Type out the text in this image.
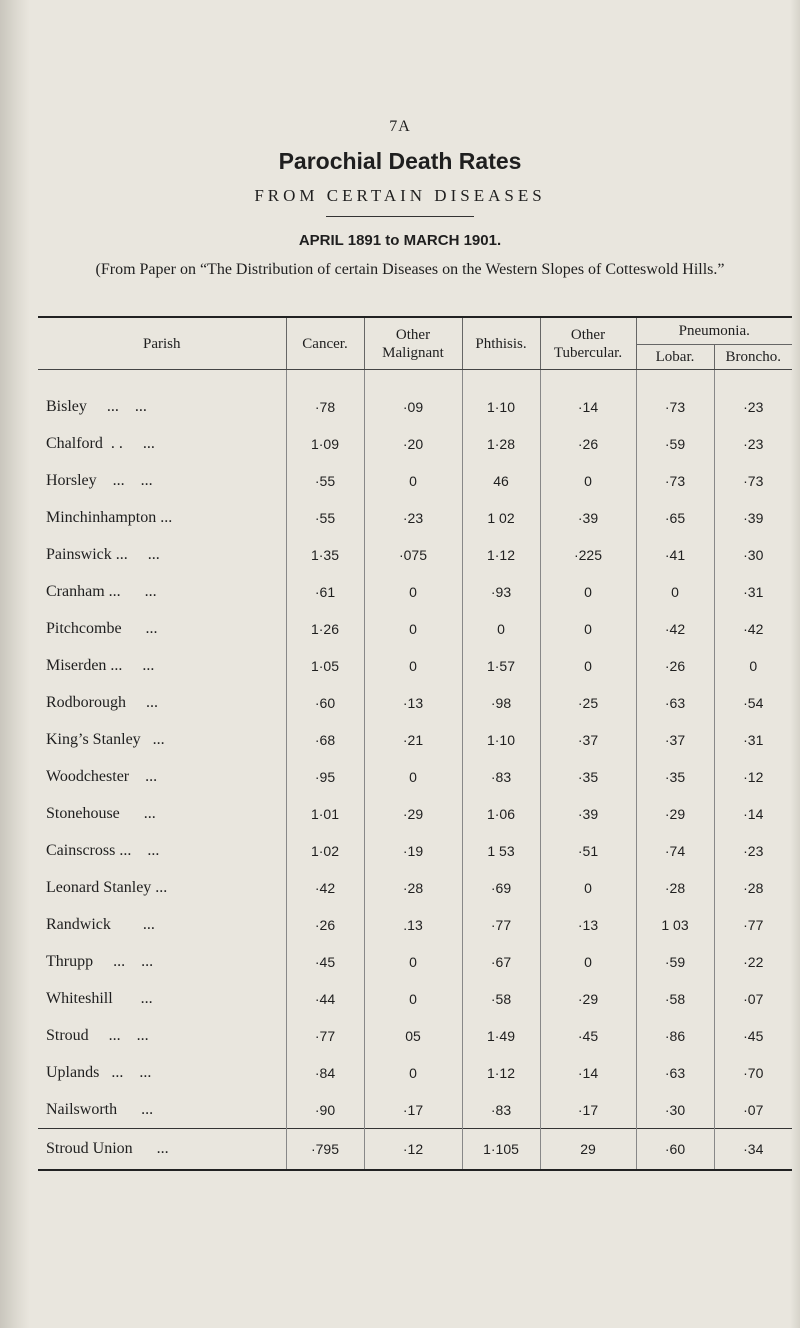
7A
Parochial Death Rates
FROM CERTAIN DISEASES
APRIL 1891 to MARCH 1901.
(From Paper on “The Distribution of certain Diseases on the Western Slopes of Cotteswold Hills.”
Parish	Cancer.	Other Malignant	Phthisis.	Other Tubercular.	Pneumonia.	
					Lobar.	Broncho.

Bisley     ...    ...	·78	·09	1·10	·14	·73	·23
Chalford  . .     ...	1·09	·20	1·28	·26	·59	·23
Horsley    ...    ...	·55	0	46	0	·73	·73
Minchinhampton ...	·55	·23	1 02	·39	·65	·39
Painswick ...     ...	1·35	·075	1·12	·225	·41	·30
Cranham ...      ...	·61	0	·93	0	0	·31
Pitchcombe      ...	1·26	0	0	0	·42	·42
Miserden ...     ...	1·05	0	1·57	0	·26	0
Rodborough     ...	·60	·13	·98	·25	·63	·54
King’s Stanley   ...	·68	·21	1·10	·37	·37	·31
Woodchester    ...	·95	0	·83	·35	·35	·12
Stonehouse      ...	1·01	·29	1·06	·39	·29	·14
Cainscross ...    ...	1·02	·19	1 53	·51	·74	·23
Leonard Stanley ...	·42	·28	·69	0	·28	·28
Randwick        ...	·26	.13	·77	·13	1 03	·77
Thrupp     ...    ...	·45	0	·67	0	·59	·22
Whiteshill       ...	·44	0	·58	·29	·58	·07
Stroud     ...    ...	·77	05	1·49	·45	·86	·45
Uplands   ...    ...	·84	0	1·12	·14	·63	·70
Nailsworth      ...	·90	·17	·83	·17	·30	·07
Stroud Union      ...	·795	·12	1·105	29	·60	·34
